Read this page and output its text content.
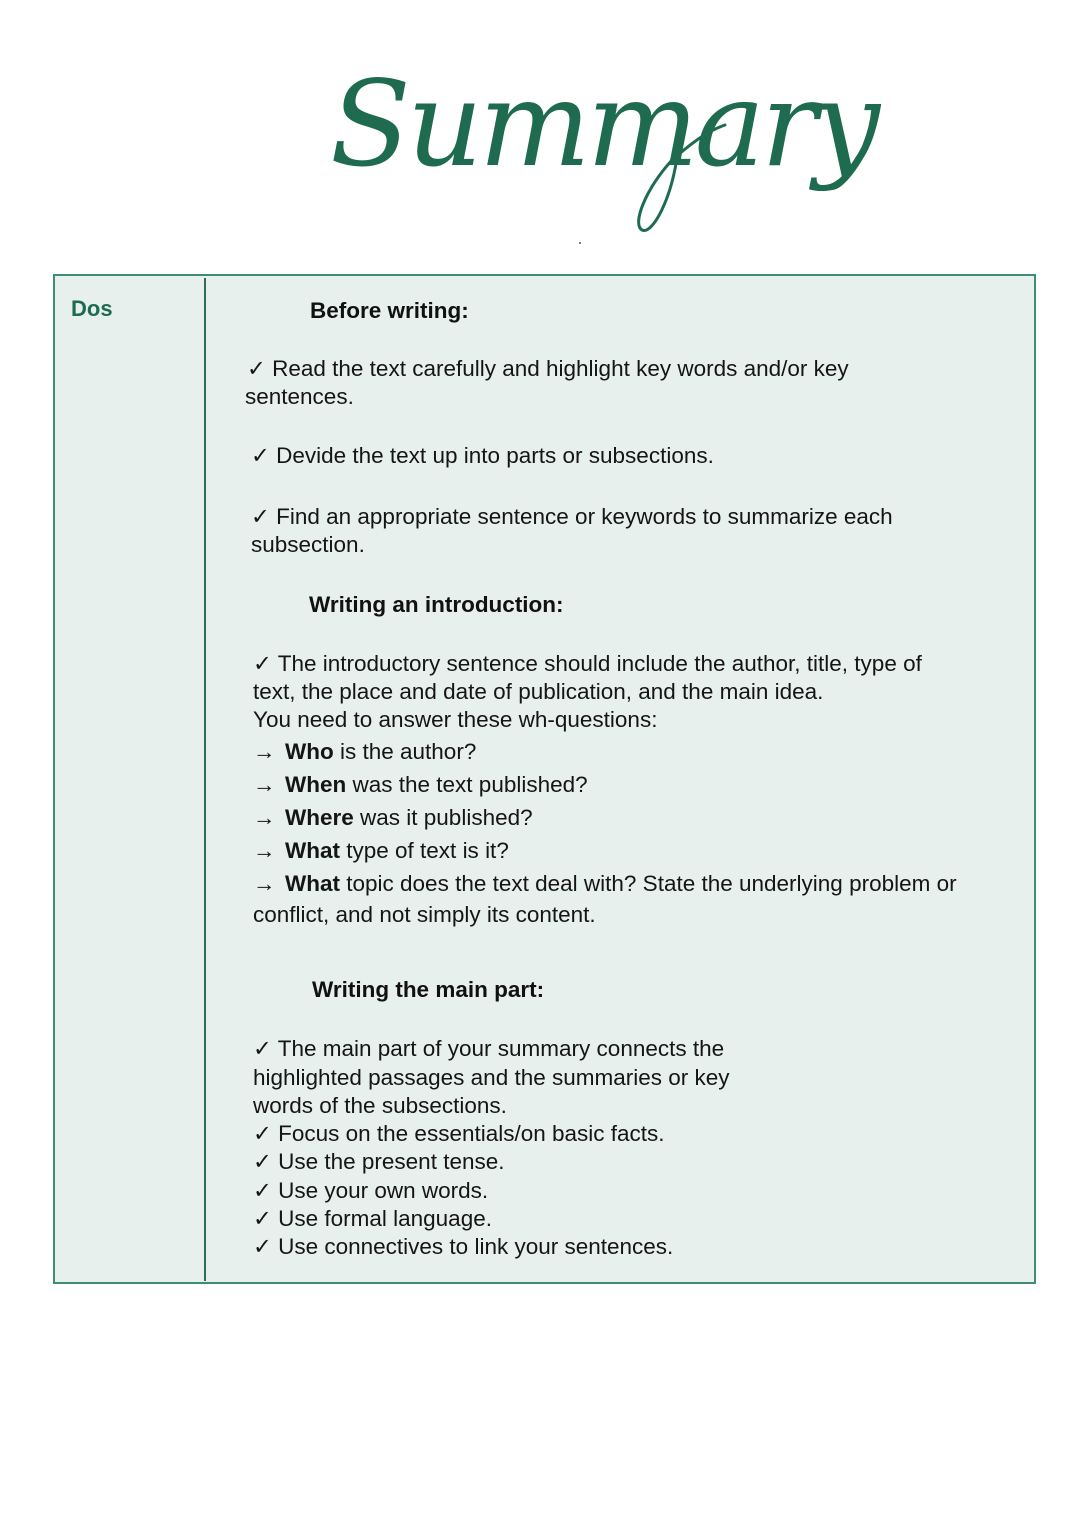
Summary
Dos	Before writing:
✓ Read the text carefully and highlight key words and/or key
sentences.
✓ Devide the text up into parts or subsections.
✓ Find an appropriate sentence or keywords to summarize each
subsection.
Writing an introduction:
✓ The introductory sentence should include the author, title, type of
text, the place and date of publication, and the main idea.
You need to answer these wh-questions:
→ Who is the author?
→ When was the text published?
→ Where was it published?
→ What type of text is it?
→ What topic does the text deal with? State the underlying problem or
conflict, and not simply its content.
Writing the main part:
✓ The main part of your summary connects the
highlighted passages and the summaries or key
words of the subsections.
✓ Focus on the essentials/on basic facts.
✓ Use the present tense.
✓ Use your own words.
✓ Use formal language.
✓ Use connectives to link your sentences.
